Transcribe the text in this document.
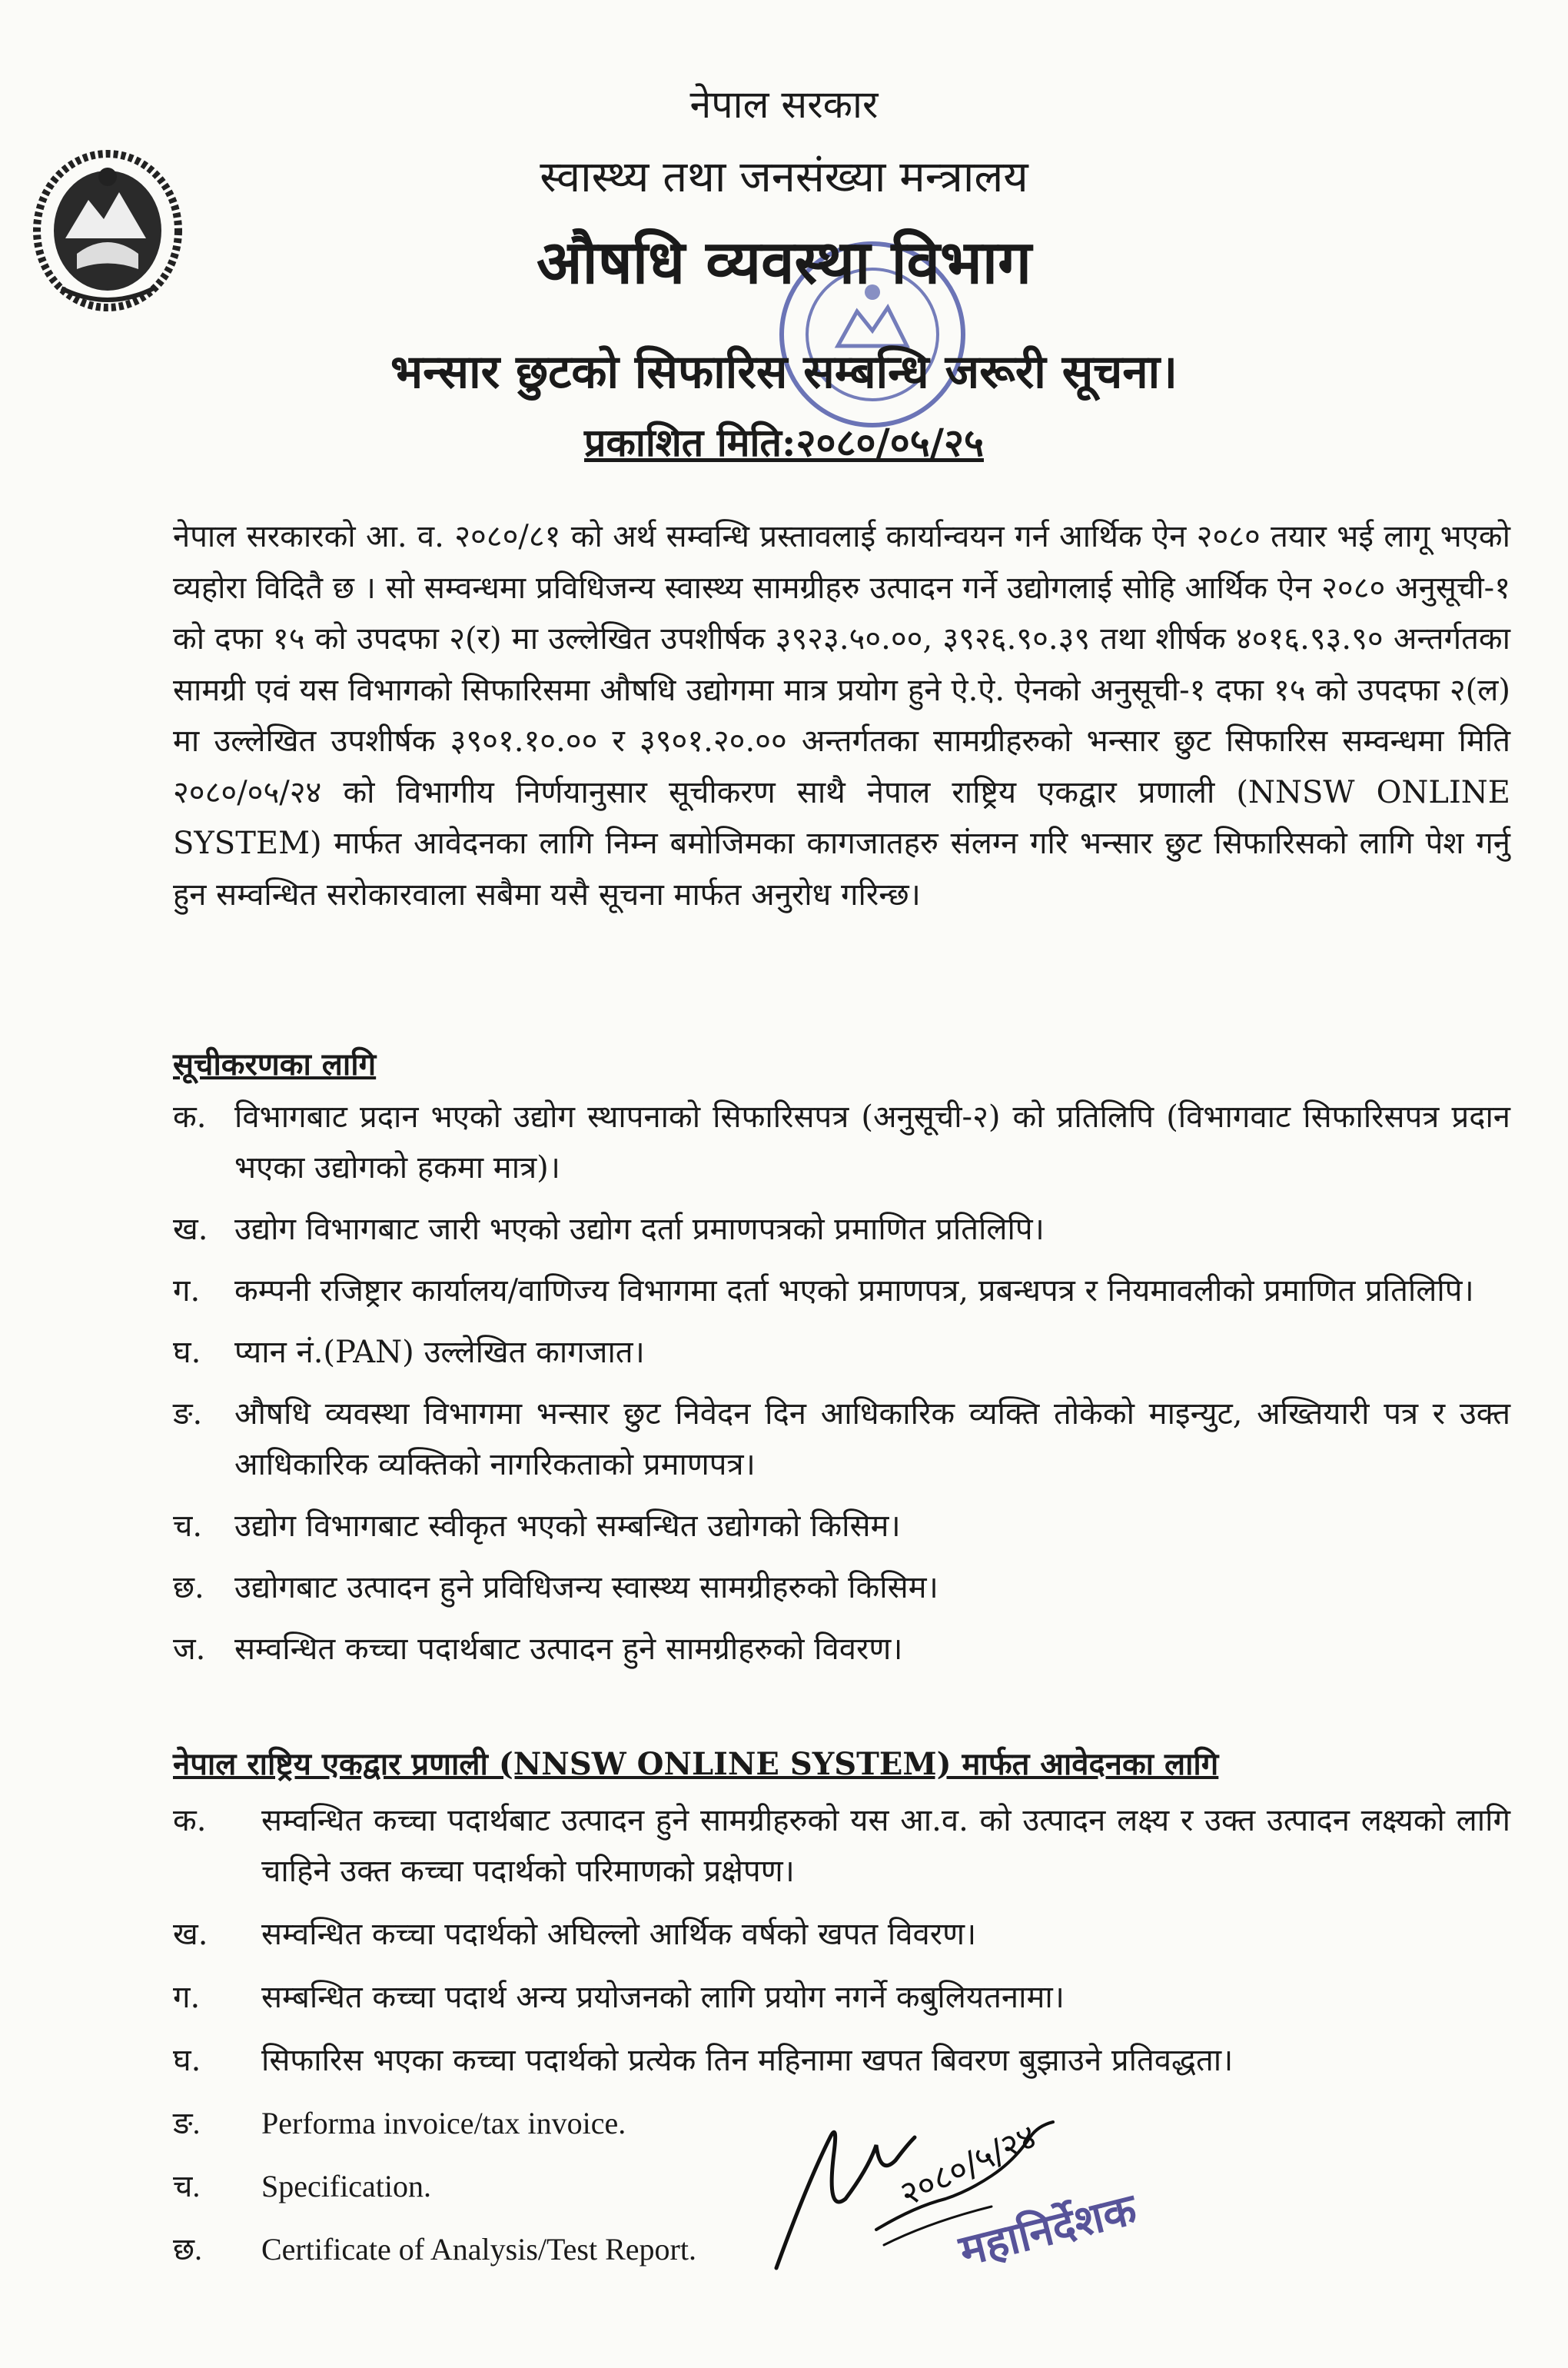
नेपाल सरकार
स्वास्थ्य तथा जनसंख्या मन्त्रालय
औषधि व्यवस्था विभाग
भन्सार छुटको सिफारिस सम्बन्धि जरूरी सूचना।
प्रकाशित मिति:२०८०/०५/२५
नेपाल सरकारको आ. व. २०८०/८१ को अर्थ सम्वन्धि प्रस्तावलाई कार्यान्वयन गर्न आर्थिक ऐन २०८० तयार भई लागू भएको व्यहोरा विदितै छ । सो सम्वन्धमा प्रविधिजन्य स्वास्थ्य सामग्रीहरु उत्पादन गर्ने उद्योगलाई सोहि आर्थिक ऐन २०८० अनुसूची-१ को दफा १५ को उपदफा २(र) मा उल्लेखित उपशीर्षक ३९२३.५०.००, ३९२६.९०.३९ तथा शीर्षक ४०१६.९३.९० अन्तर्गतका सामग्री एवं यस विभागको सिफारिसमा औषधि उद्योगमा मात्र प्रयोग हुने ऐ.ऐ. ऐनको अनुसूची-१ दफा १५ को उपदफा २(ल) मा उल्लेखित उपशीर्षक ३९०१.१०.०० र ३९०१.२०.०० अन्तर्गतका सामग्रीहरुको भन्सार छुट सिफारिस सम्वन्धमा मिति २०८०/०५/२४ को विभागीय निर्णयानुसार सूचीकरण साथै नेपाल राष्ट्रिय एकद्वार प्रणाली (NNSW ONLINE SYSTEM) मार्फत आवेदनका लागि निम्न बमोजिमका कागजातहरु संलग्न गरि भन्सार छुट सिफारिसको लागि पेश गर्नु हुन सम्वन्धित सरोकारवाला सबैमा यसै सूचना मार्फत अनुरोध गरिन्छ।
सूचीकरणका लागि
क. विभागबाट प्रदान भएको उद्योग स्थापनाको सिफारिसपत्र (अनुसूची-२) को प्रतिलिपि (विभागवाट सिफारिसपत्र प्रदान भएका उद्योगको हकमा मात्र)।
ख. उद्योग विभागबाट जारी भएको उद्योग दर्ता प्रमाणपत्रको प्रमाणित प्रतिलिपि।
ग. कम्पनी रजिष्ट्रार कार्यालय/वाणिज्य विभागमा दर्ता भएको प्रमाणपत्र, प्रबन्धपत्र र नियमावलीको प्रमाणित प्रतिलिपि।
घ. प्यान नं.(PAN) उल्लेखित कागजात।
ङ. औषधि व्यवस्था विभागमा भन्सार छुट निवेदन दिन आधिकारिक व्यक्ति तोकेको माइन्युट, अख्तियारी पत्र र उक्त आधिकारिक व्यक्तिको नागरिकताको प्रमाणपत्र।
च. उद्योग विभागबाट स्वीकृत भएको सम्बन्धित उद्योगको किसिम।
छ. उद्योगबाट उत्पादन हुने प्रविधिजन्य स्वास्थ्य सामग्रीहरुको किसिम।
ज. सम्वन्धित कच्चा पदार्थबाट उत्पादन हुने सामग्रीहरुको विवरण।
नेपाल राष्ट्रिय एकद्वार प्रणाली (NNSW ONLINE SYSTEM) मार्फत आवेदनका लागि
क. सम्वन्धित कच्चा पदार्थबाट उत्पादन हुने सामग्रीहरुको यस आ.व. को उत्पादन लक्ष्य र उक्त उत्पादन लक्ष्यको लागि चाहिने उक्त कच्चा पदार्थको परिमाणको प्रक्षेपण।
ख. सम्वन्धित कच्चा पदार्थको अघिल्लो आर्थिक वर्षको खपत विवरण।
ग. सम्बन्धित कच्चा पदार्थ अन्य प्रयोजनको लागि प्रयोग नगर्ने कबुलियतनामा।
घ. सिफारिस भएका कच्चा पदार्थको प्रत्येक तिन महिनामा खपत बिवरण बुझाउने प्रतिवद्धता।
ङ. Performa invoice/tax invoice.
च. Specification.
छ. Certificate of Analysis/Test Report.
२०८०/५/२४
महानिर्देशक
